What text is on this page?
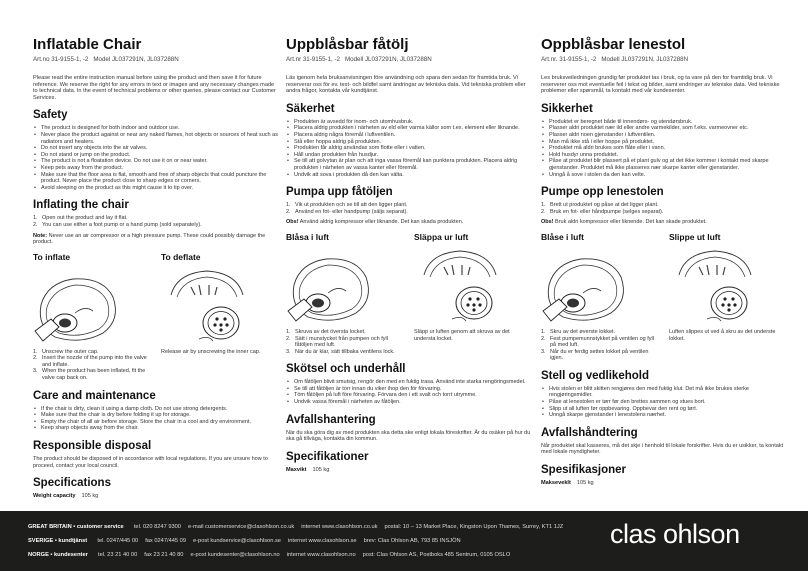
Inflatable Chair
Art.no 31-9155-1, -2 Model JL037291N, JL037288N

Please read the entire instruction manual before using the product and then save it for future reference. We reserve the right for any errors in text or images and any necessary changes made to technical data. In the event of technical problems or other queries, please contact our Customer Services.

Safety
• The product is designed for both indoor and outdoor use.
• Never place the product against or near any naked flames, hot objects or sources of heat such as radiators and heaters.
• Do not insert any objects into the air valves.
• Do not stand or jump on the product.
• The product is not a floatation device. Do not use it on or near water.
• Keep pets away from the product.
• Make sure that the floor area is flat, smooth and free of sharp objects that could puncture the product. Never place the product close to sharp edges or corners.
• Avoid sleeping on the product as this might cause it to tip over.
Inflating the chair
1. Open out the product and lay it flat.
2. You can use either a foot pump or a hand pump (sold separately).

Note: Never use an air compressor or a high pressure pump. These could possibly damage the product.

To inflate
1. Unscrew the outer cap.
2. Insert the nozzle of the pump into the valve and inflate.
3. When the product has been inflated, fit the valve cap back on.
To deflate

Release air by unscrewing the inner cap.

Care and maintenance
• If the chair is dirty, clean it using a damp cloth. Do not use strong detergents.
• Make sure that the chair is dry before folding it up for storage.
• Empty the chair of all air before storage. Store the chair in a cool and dry environment.
• Keep sharp objects away from the chair.
Responsible disposal

The product should be disposed of in accordance with local regulations. If you are unsure how to proceed, contact your local council.

Specifications

Weight capacity 105 kg

Uppblåsbar fåtölj
Art.nr 31-9155-1, -2 Modell JL037291N, JL037288N

Läs igenom hela bruksanvisningen före användning och spara den sedan för framtida bruk. Vi reserverar oss för ev. text- och bildfel samt ändringar av tekniska data. Vid tekniska problem eller andra frågor, kontakta vår kundtjänst.

Säkerhet
• Produkten är avsedd för inom- och utomhusbruk.
• Placera aldrig produkten i närheten av eld eller varma källor som t.ex. element eller liknande.
• Placera aldrig några föremål i luftventilen.
• Stå eller hoppa aldrig på produkten.
• Produkten får aldrig användas som flotte eller i vatten.
• Håll undan produkten från husdjur.
• Se till att golvytan är plan och att inga vassa föremål kan punktera produkten. Placera aldrig produkten i närheten av vassa kanter eller föremål.
• Undvik att sova i produkten då den kan välta.
Pumpa upp fåtöljen
1. Vik ut produkten och se till att den ligger plant.
2. Använd en fot- eller handpump (säljs separat).

Obs! Använd aldrig kompressor eller liknande. Det kan skada produkten.

Blåsa i luft
1. Skruva av det översta locket.
2. Sätt i munstycket från pumpen och fyll fåtöljen med luft.
3. När du är klar, sätt tillbaka ventilens lock.
Släppa ur luft

Släpp ur luften genom att skruva av det understa locket.

Skötsel och underhåll
• Om fåtöljen blivit smutsig, rengör den med en fuktig trasa. Använd inte starka rengöringsmedel.
• Se till att fåtöljen är torr innan du viker ihop den för förvaring.
• Töm fåtöljen på luft före förvaring. Förvara den i ett svalt och torrt utrymme.
• Undvik vassa föremål i närheten av fåtöljen.
Avfallshantering

När du ska göra dig av med produkten ska detta ske enligt lokala föreskrifter. Är du osäker på hur du ska gå tillväga, kontakta din kommun.

Specifikationer

Maxvikt 105 kg

Oppblåsbar lenestol
Art.nr. 31-9155-1, -2 Modell JL037291N, JL037288N

Les bruksveiledningen grundig før produktet tas i bruk, og ta vare på den for framtidig bruk. Vi reserverer oss mot eventuelle feil i tekst og bilder, samt endringer av tekniske data. Ved tekniske problemer eller spørsmål, ta kontakt med vår kundesenter.

Sikkerhet
• Produktet er beregnet både til innendørs- og utendørsbruk.
• Plasser aldri produktet nær ild eller andre varmekilder, som f.eks. varmeovner etc.
• Plasser aldri noen gjenstander i luftventilen.
• Man må ikke stå i eller hoppe på produktet.
• Produktet må aldri brukes som flåte eller i vann.
• Hold husdyr unna produktet.
• Påse at produktet blir plassert på et plant gulv og at det ikke kommer i kontakt med skarpe gjenstander. Produktet må ikke plasseres nær skarpe kanter eller gjenstander.
• Unngå å sove i stolen da den kan velte.
Pumpe opp lenestolen
1. Brett ut produktet og påse at det ligger plant.
2. Bruk en fot- eller håndpumpe (selges separat).

Obs! Bruk aldri kompressor eller liknende. Det kan skade produktet.

Blåse i luft
1. Skru av det øverste lokket.
2. Fest pumpemunnstykket på ventilen og fyll på med luft.
3. Når du er ferdig settes lokket på ventilen igjen.
Slippe ut luft

Luften slippes ut ved å skru av det underste lokket.

Stell og vedlikehold
• Hvis stolen er blitt skitten rengjøres den med fuktig klut. Det må ikke brukes sterke rengjøringsmidler.
• Påse at lenestolen er tørr før den brettes sammen og stues bort.
• Slipp ut all luften før oppbevaring. Oppbevar den rent og tørt.
• Unngå skarpe gjenstander i lenestolens nærhet.
Avfallshåndtering

Når produktet skal kasseres, må det skje i henhold til lokale forskrifter. Hvis du er usikker, ta kontakt med lokale myndigheter.

Spesifikasjoner

Makseveklt 105 kg

GREAT BRITAIN • customer service tel. 020 8247 9300 e-mail customerservice@clasohlson.co.uk internet www.clasohlson.co.uk postal: 10 – 13 Market Place, Kingston Upon Thames, Surrey, KT1 1JZ
SVERIGE • kundtjänst tel. 0247/445 00 fax 0247/445 09 e-post kundservice@clasohlson.se internet www.clasohlson.se brev: Clas Ohlson AB, 793 85 INSJÖN
NORGE • kundesenter tel. 23 21 40 00 fax 23 21 40 80 e-post kundesenter@clasohlson.no internet www.clasohlson.no post: Clas Ohlson AS, Postboks 485 Sentrum, 0105 OSLO
clas ohlson
